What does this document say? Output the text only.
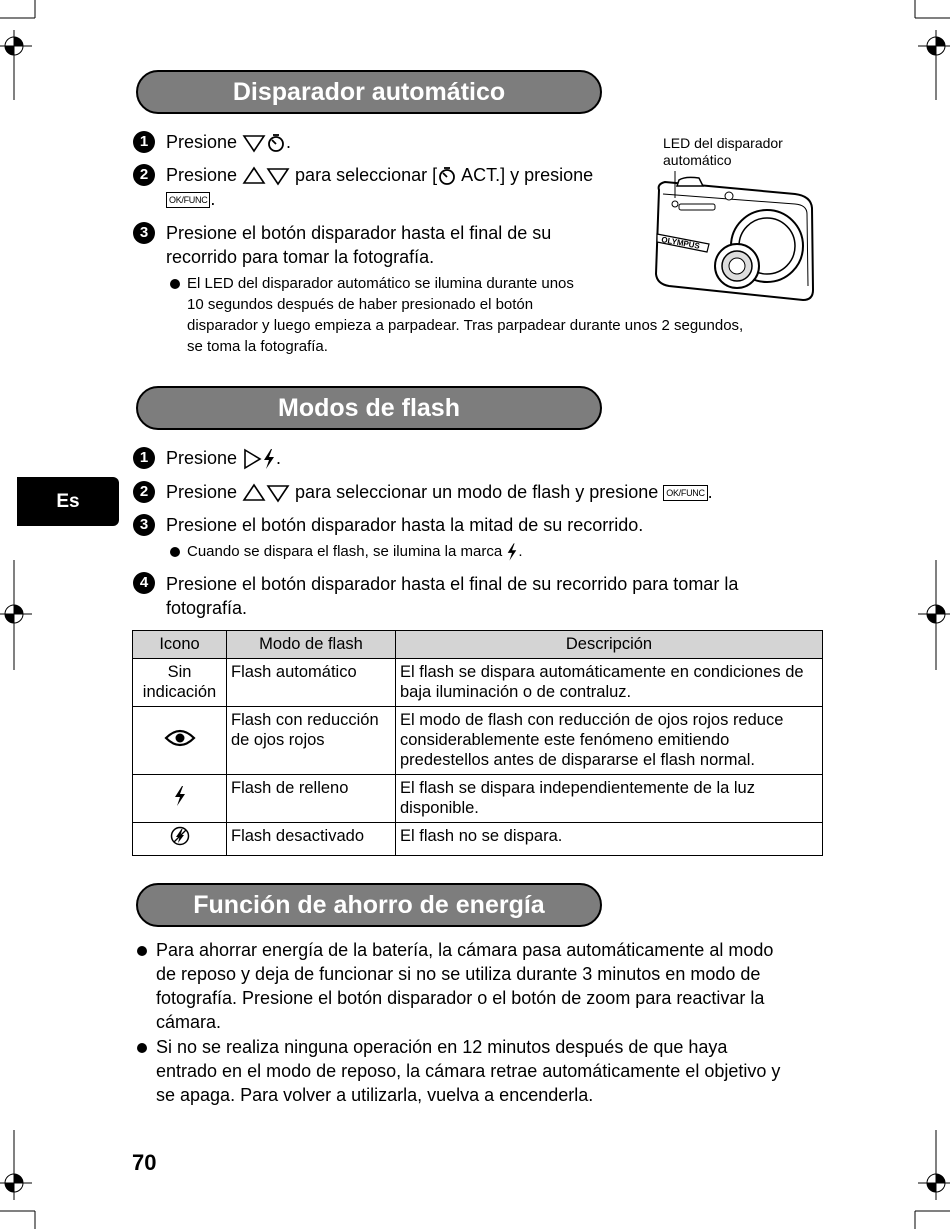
Es
Disparador automático
1 Presione .
2 Presione	para seleccionar [ ACT.] y presione
OK/FUNC .
3 Presione el botón disparador hasta el final de su
recorrido para tomar la fotografía.
El LED del disparador automático se ilumina durante unos
10 segundos después de haber presionado el botón
disparador y luego empieza a parpadear. Tras parpadear durante unos 2 segundos,
se toma la fotografía.
LED del disparador
automático
OLYMPUS
Modos de flash
1 Presione .
2 Presione	para seleccionar un modo de flash y presione OK/FUNC .
3 Presione el botón disparador hasta la mitad de su recorrido.
Cuando se dispara el flash, se ilumina la marca .
4 Presione el botón disparador hasta el final de su recorrido para tomar la
fotografía.
Icono	Modo de flash	Descripción
Sin indicación	Flash automático	El flash se dispara automáticamente en condiciones de baja iluminación o de contraluz.
	Flash con reducción de ojos rojos	El modo de flash con reducción de ojos rojos reduce considerablemente este fenómeno emitiendo predestellos antes de dispararse el flash normal.
	Flash de relleno	El flash se dispara independientemente de la luz disponible.
	Flash desactivado	El flash no se dispara.
Función de ahorro de energía
Para ahorrar energía de la batería, la cámara pasa automáticamente al modo
de reposo y deja de funcionar si no se utiliza durante 3 minutos en modo de
fotografía. Presione el botón disparador o el botón de zoom para reactivar la
cámara.
Si no se realiza ninguna operación en 12 minutos después de que haya
entrado en el modo de reposo, la cámara retrae automáticamente el objetivo y
se apaga. Para volver a utilizarla, vuelva a encenderla.
70
